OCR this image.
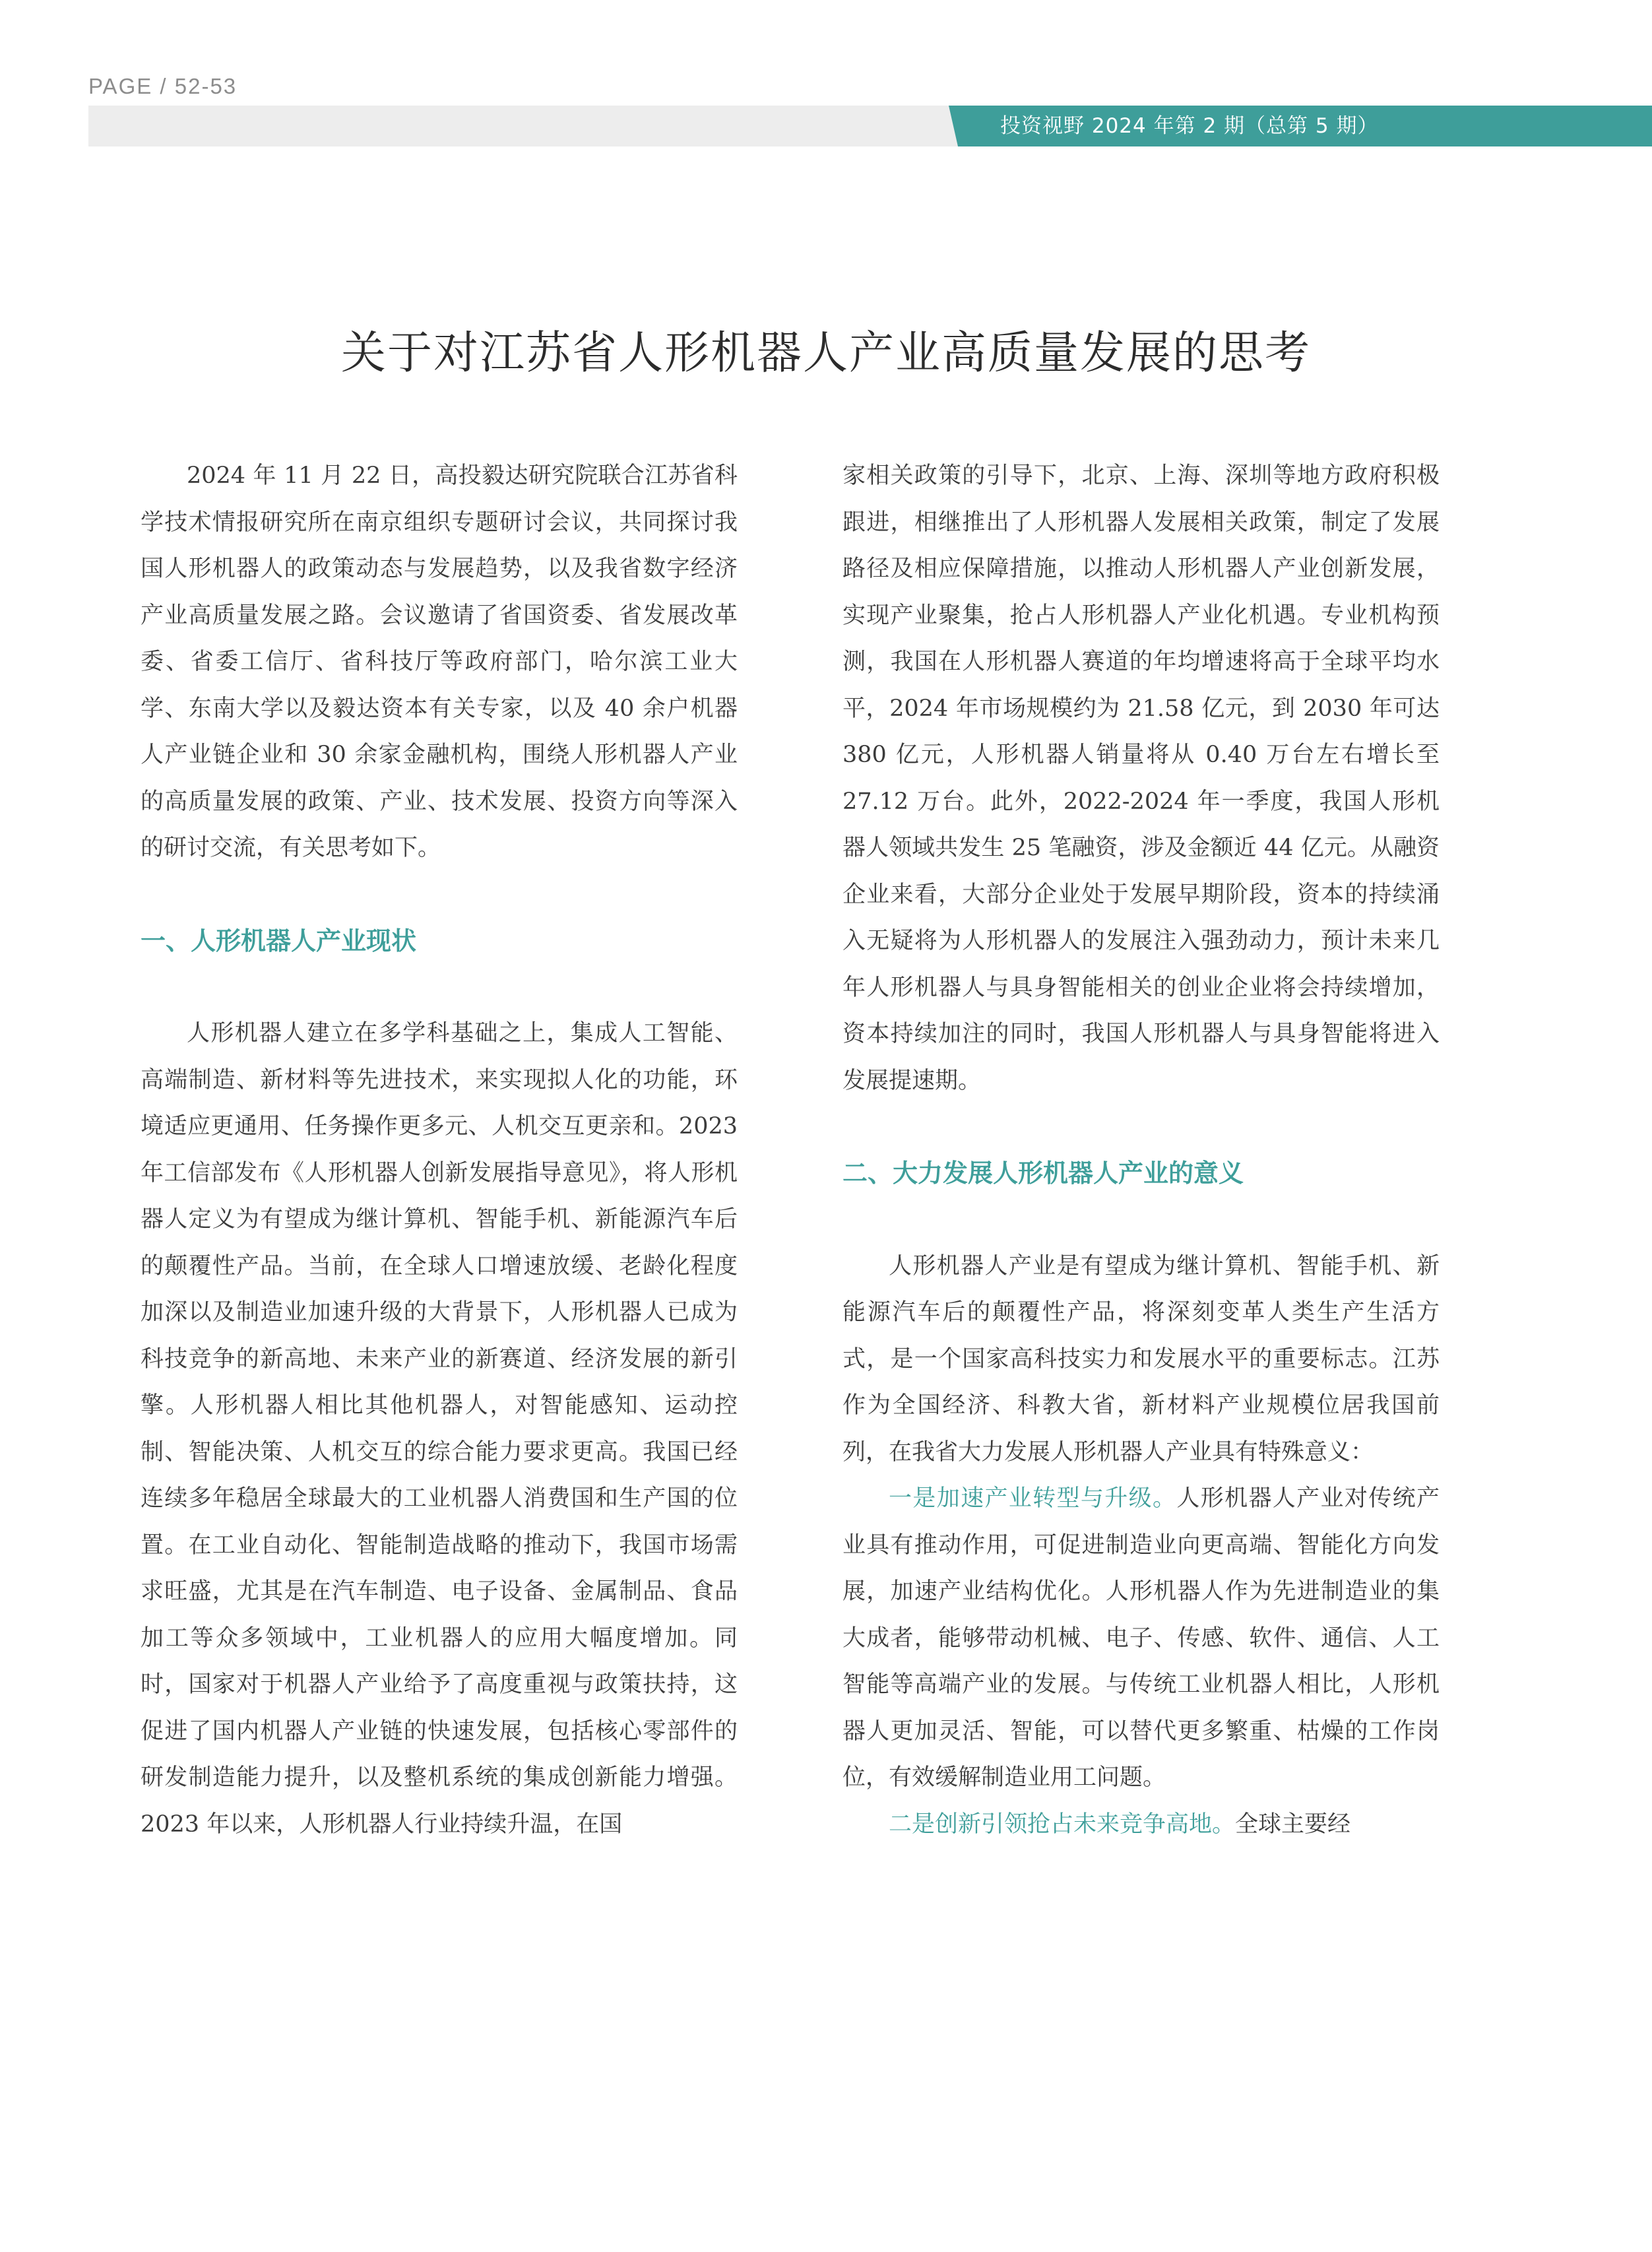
PAGE / 52-53
投资视野 2024 年第 2 期（总第 5 期）
关于对江苏省人形机器人产业高质量发展的思考

2024 年 11 月 22 日，高投毅达研究院联合江苏省科学技术情报研究所在南京组织专题研讨会议，共同探讨我国人形机器人的政策动态与发展趋势，以及我省数字经济产业高质量发展之路。会议邀请了省国资委、省发展改革委、省委工信厅、省科技厅等政府部门，哈尔滨工业大学、东南大学以及毅达资本有关专家，以及 40 余户机器人产业链企业和 30 余家金融机构，围绕人形机器人产业的高质量发展的政策、产业、技术发展、投资方向等深入的研讨交流，有关思考如下。

一、人形机器人产业现状

人形机器人建立在多学科基础之上，集成人工智能、高端制造、新材料等先进技术，来实现拟人化的功能，环境适应更通用、任务操作更多元、人机交互更亲和。2023 年工信部发布《人形机器人创新发展指导意见》，将人形机器人定义为有望成为继计算机、智能手机、新能源汽车后的颠覆性产品。当前，在全球人口增速放缓、老龄化程度加深以及制造业加速升级的大背景下，人形机器人已成为科技竞争的新高地、未来产业的新赛道、经济发展的新引擎。人形机器人相比其他机器人，对智能感知、运动控制、智能决策、人机交互的综合能力要求更高。我国已经连续多年稳居全球最大的工业机器人消费国和生产国的位置。在工业自动化、智能制造战略的推动下，我国市场需求旺盛，尤其是在汽车制造、电子设备、金属制品、食品加工等众多领域中，工业机器人的应用大幅度增加。同时，国家对于机器人产业给予了高度重视与政策扶持，这促进了国内机器人产业链的快速发展，包括核心零部件的研发制造能力提升，以及整机系统的集成创新能力增强。2023 年以来，人形机器人行业持续升温，在国

家相关政策的引导下，北京、上海、深圳等地方政府积极跟进，相继推出了人形机器人发展相关政策，制定了发展路径及相应保障措施，以推动人形机器人产业创新发展，实现产业聚集，抢占人形机器人产业化机遇。专业机构预测，我国在人形机器人赛道的年均增速将高于全球平均水平，2024 年市场规模约为 21.58 亿元，到 2030 年可达 380 亿元，人形机器人销量将从 0.40 万台左右增长至 27.12 万台。此外，2022-2024 年一季度，我国人形机器人领域共发生 25 笔融资，涉及金额近 44 亿元。从融资企业来看，大部分企业处于发展早期阶段，资本的持续涌入无疑将为人形机器人的发展注入强劲动力，预计未来几年人形机器人与具身智能相关的创业企业将会持续增加，资本持续加注的同时，我国人形机器人与具身智能将进入发展提速期。

二、大力发展人形机器人产业的意义

人形机器人产业是有望成为继计算机、智能手机、新能源汽车后的颠覆性产品，将深刻变革人类生产生活方式，是一个国家高科技实力和发展水平的重要标志。江苏作为全国经济、科教大省，新材料产业规模位居我国前列，在我省大力发展人形机器人产业具有特殊意义：

一是加速产业转型与升级。人形机器人产业对传统产业具有推动作用，可促进制造业向更高端、智能化方向发展，加速产业结构优化。人形机器人作为先进制造业的集大成者，能够带动机械、电子、传感、软件、通信、人工智能等高端产业的发展。与传统工业机器人相比，人形机器人更加灵活、智能，可以替代更多繁重、枯燥的工作岗位，有效缓解制造业用工问题。

二是创新引领抢占未来竞争高地。全球主要经
